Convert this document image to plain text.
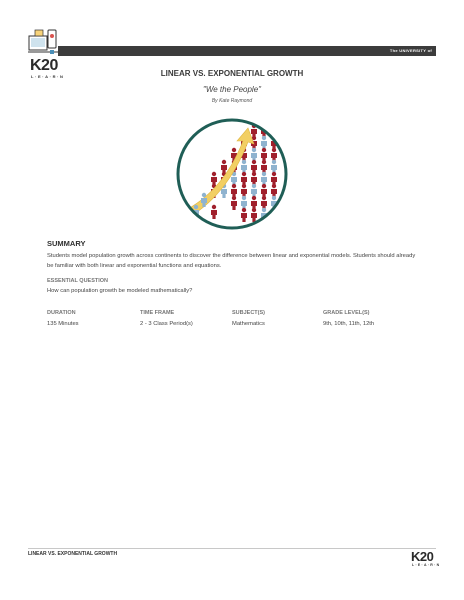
K20
L·E·A·R·N
The UNIVERSITY of
LINEAR VS. EXPONENTIAL GROWTH
"We the People"
By Kate Raymond
SUMMARY
Students model population growth across continents to discover the difference between linear and exponential models. Students should already be familiar with both linear and exponential functions and equations.
ESSENTIAL QUESTION
How can population growth be modeled mathematically?
DURATION
135 Minutes
TIME FRAME
2 - 3 Class Period(s)
SUBJECT(S)
Mathematics
GRADE LEVEL(S)
9th, 10th, 11th, 12th
LINEAR VS. EXPONENTIAL GROWTH	K20
L·E·A·R·N
